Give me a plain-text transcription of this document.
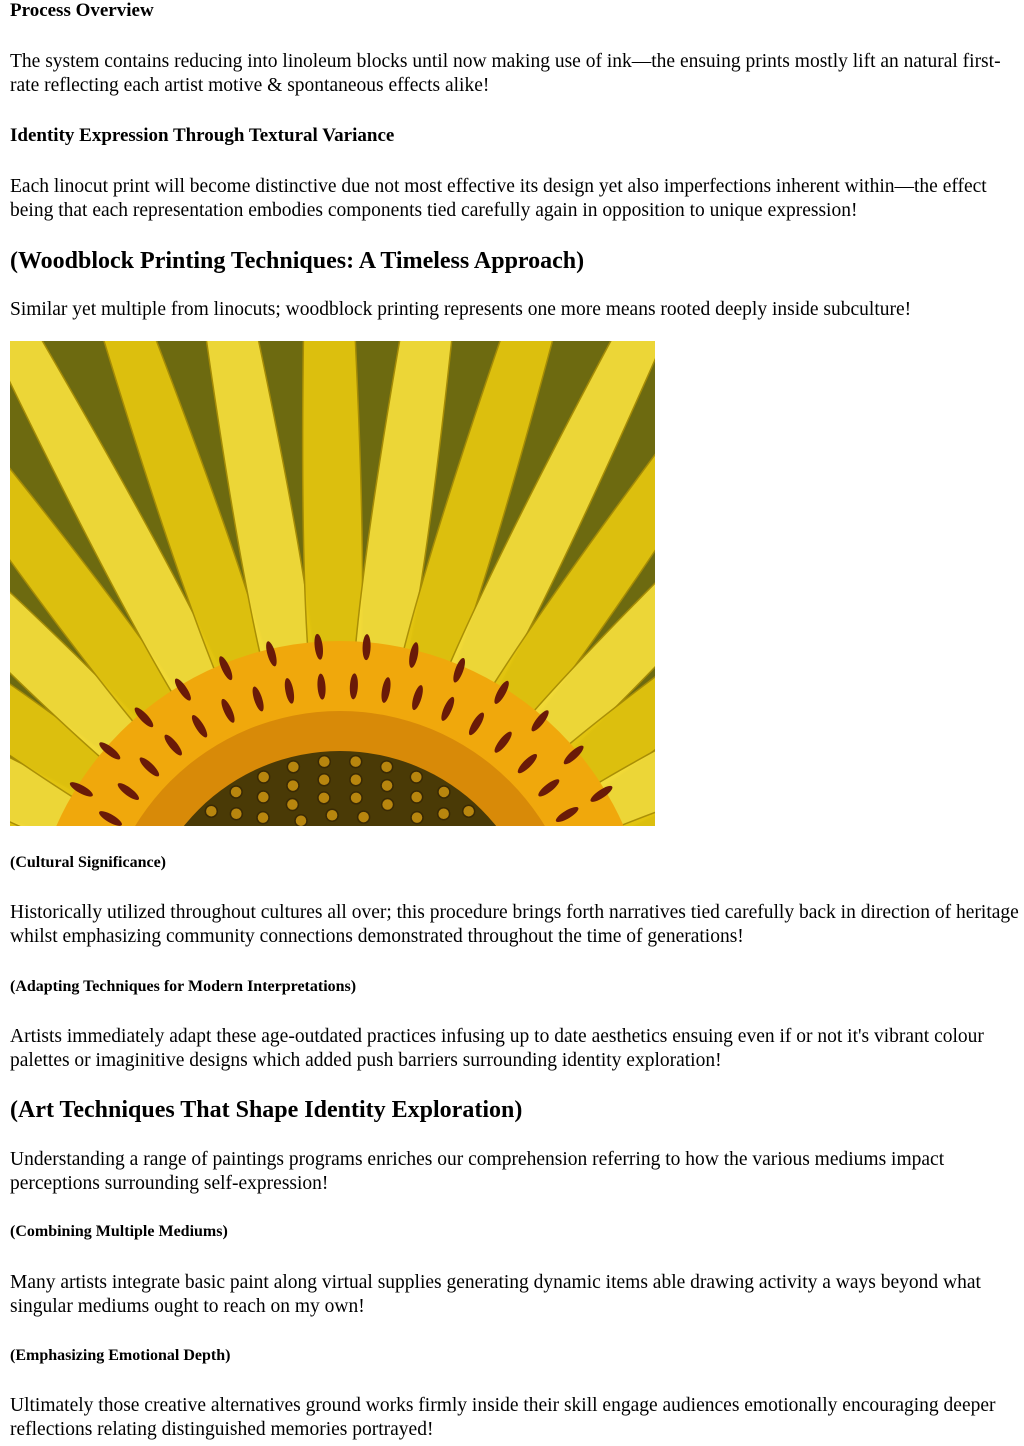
Process Overview
The system contains reducing into linoleum blocks until now making use of ink—the ensuing prints mostly lift an natural first-rate reflecting each artist motive & spontaneous effects alike!
Identity Expression Through Textural Variance
Each linocut print will become distinctive due not most effective its design yet also imperfections inherent within—the effect being that each representation embodies components tied carefully again in opposition to unique expression!
(Woodblock Printing Techniques: A Timeless Approach)
Similar yet multiple from linocuts; woodblock printing represents one more means rooted deeply inside subculture!
(Cultural Significance)
Historically utilized throughout cultures all over; this procedure brings forth narratives tied carefully back in direction of heritage whilst emphasizing community connections demonstrated throughout the time of generations!
(Adapting Techniques for Modern Interpretations)
Artists immediately adapt these age-outdated practices infusing up to date aesthetics ensuing even if or not it's vibrant colour palettes or imaginitive designs which added push barriers surrounding identity exploration!
(Art Techniques That Shape Identity Exploration)
Understanding a range of paintings programs enriches our comprehension referring to how the various mediums impact perceptions surrounding self-expression!
(Combining Multiple Mediums)
Many artists integrate basic paint along virtual supplies generating dynamic items able drawing activity a ways beyond what singular mediums ought to reach on my own!
(Emphasizing Emotional Depth)
Ultimately those creative alternatives ground works firmly inside their skill engage audiences emotionally encouraging deeper reflections relating distinguished memories portrayed!
